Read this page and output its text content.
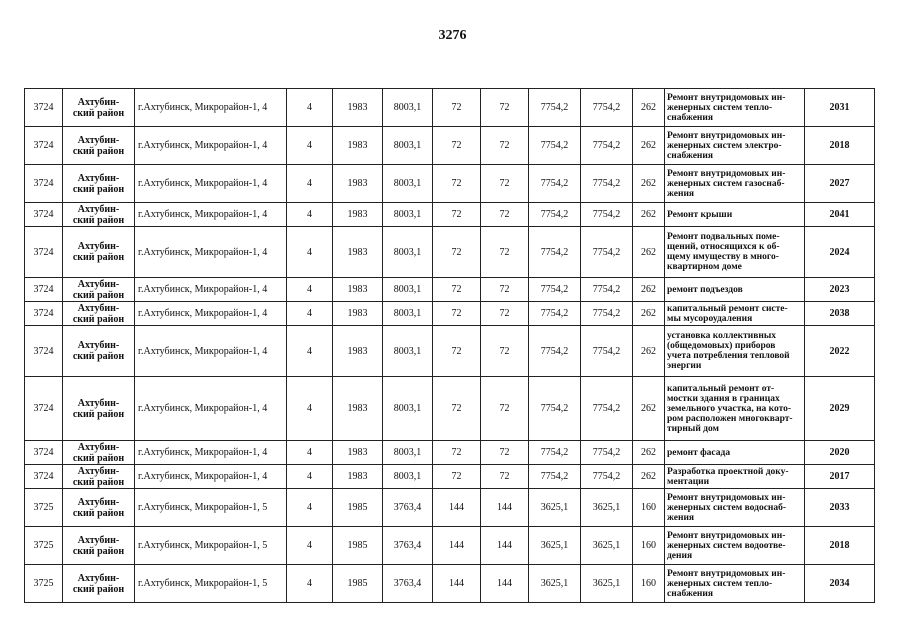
3276
3724	Ахтубин-
ский район	г.Ахтубинск, Микрорайон-1, 4	4	1983	8003,1	72	72	7754,2	7754,2	262	Ремонт внутридомовых ин-
женерных систем тепло-
снабжения	2031
3724	Ахтубин-
ский район	г.Ахтубинск, Микрорайон-1, 4	4	1983	8003,1	72	72	7754,2	7754,2	262	Ремонт внутридомовых ин-
женерных систем электро-
снабжения	2018
3724	Ахтубин-
ский район	г.Ахтубинск, Микрорайон-1, 4	4	1983	8003,1	72	72	7754,2	7754,2	262	Ремонт внутридомовых ин-
женерных систем газоснаб-
жения	2027
3724	Ахтубин-
ский район	г.Ахтубинск, Микрорайон-1, 4	4	1983	8003,1	72	72	7754,2	7754,2	262	Ремонт крыши	2041
3724	Ахтубин-
ский район	г.Ахтубинск, Микрорайон-1, 4	4	1983	8003,1	72	72	7754,2	7754,2	262	Ремонт подвальных поме-
щений, относящихся к об-
щему имуществу в много-
квартирном доме	2024
3724	Ахтубин-
ский район	г.Ахтубинск, Микрорайон-1, 4	4	1983	8003,1	72	72	7754,2	7754,2	262	ремонт подъездов	2023
3724	Ахтубин-
ский район	г.Ахтубинск, Микрорайон-1, 4	4	1983	8003,1	72	72	7754,2	7754,2	262	капитальный ремонт систе-
мы мусороудаления	2038
3724	Ахтубин-
ский район	г.Ахтубинск, Микрорайон-1, 4	4	1983	8003,1	72	72	7754,2	7754,2	262	установка коллективных
(общедомовых) приборов
учета потребления тепловой
энергии	2022
3724	Ахтубин-
ский район	г.Ахтубинск, Микрорайон-1, 4	4	1983	8003,1	72	72	7754,2	7754,2	262	капитальный ремонт от-
мостки здания в границах
земельного участка, на кото-
ром расположен многокварт-
тирный дом	2029
3724	Ахтубин-
ский район	г.Ахтубинск, Микрорайон-1, 4	4	1983	8003,1	72	72	7754,2	7754,2	262	ремонт фасада	2020
3724	Ахтубин-
ский район	г.Ахтубинск, Микрорайон-1, 4	4	1983	8003,1	72	72	7754,2	7754,2	262	Разработка проектной доку-
ментации	2017
3725	Ахтубин-
ский район	г.Ахтубинск, Микрорайон-1, 5	4	1985	3763,4	144	144	3625,1	3625,1	160	Ремонт внутридомовых ин-
женерных систем водоснаб-
жения	2033
3725	Ахтубин-
ский район	г.Ахтубинск, Микрорайон-1, 5	4	1985	3763,4	144	144	3625,1	3625,1	160	Ремонт внутридомовых ин-
женерных систем водоотве-
дения	2018
3725	Ахтубин-
ский район	г.Ахтубинск, Микрорайон-1, 5	4	1985	3763,4	144	144	3625,1	3625,1	160	Ремонт внутридомовых ин-
женерных систем тепло-
снабжения	2034
